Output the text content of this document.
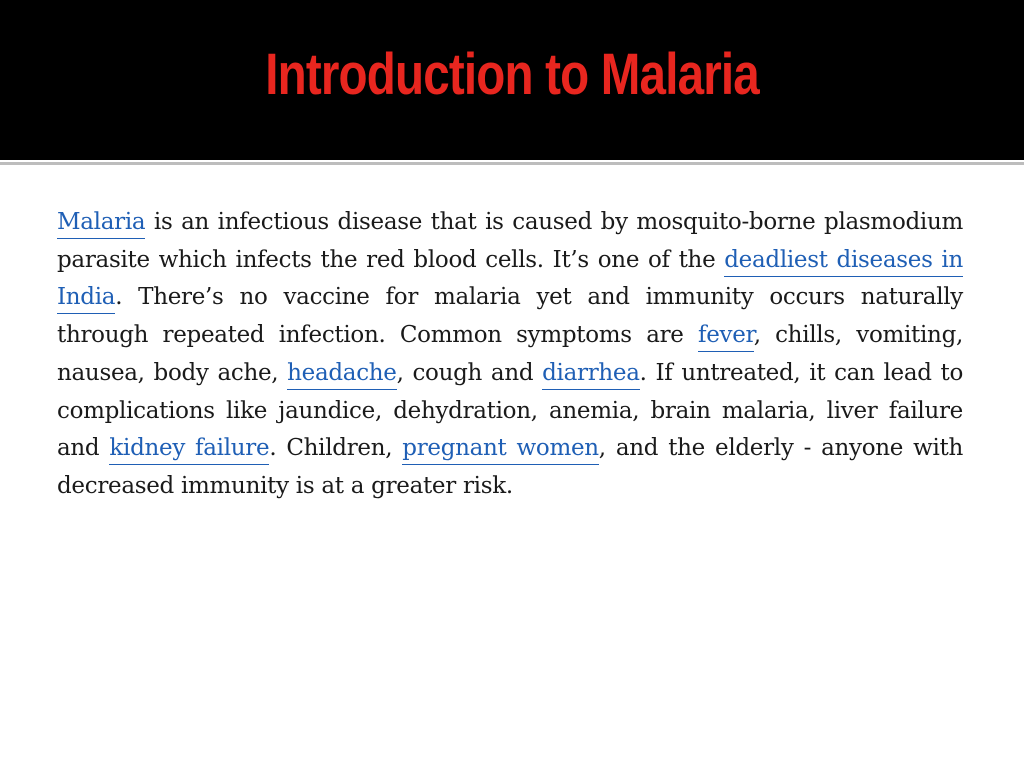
Introduction to Malaria

Malaria is an infectious disease that is caused by mosquito-borne plasmodium parasite which infects the red blood cells. It’s one of the deadliest diseases in India. There’s no vaccine for malaria yet and immunity occurs naturally through repeated infection. Common symptoms are fever, chills, vomiting, nausea, body ache, headache, cough and diarrhea. If untreated, it can lead to complications like jaundice, dehydration, anemia, brain malaria, liver failure and kidney failure. Children, pregnant women, and the elderly - anyone with decreased immunity is at a greater risk.
